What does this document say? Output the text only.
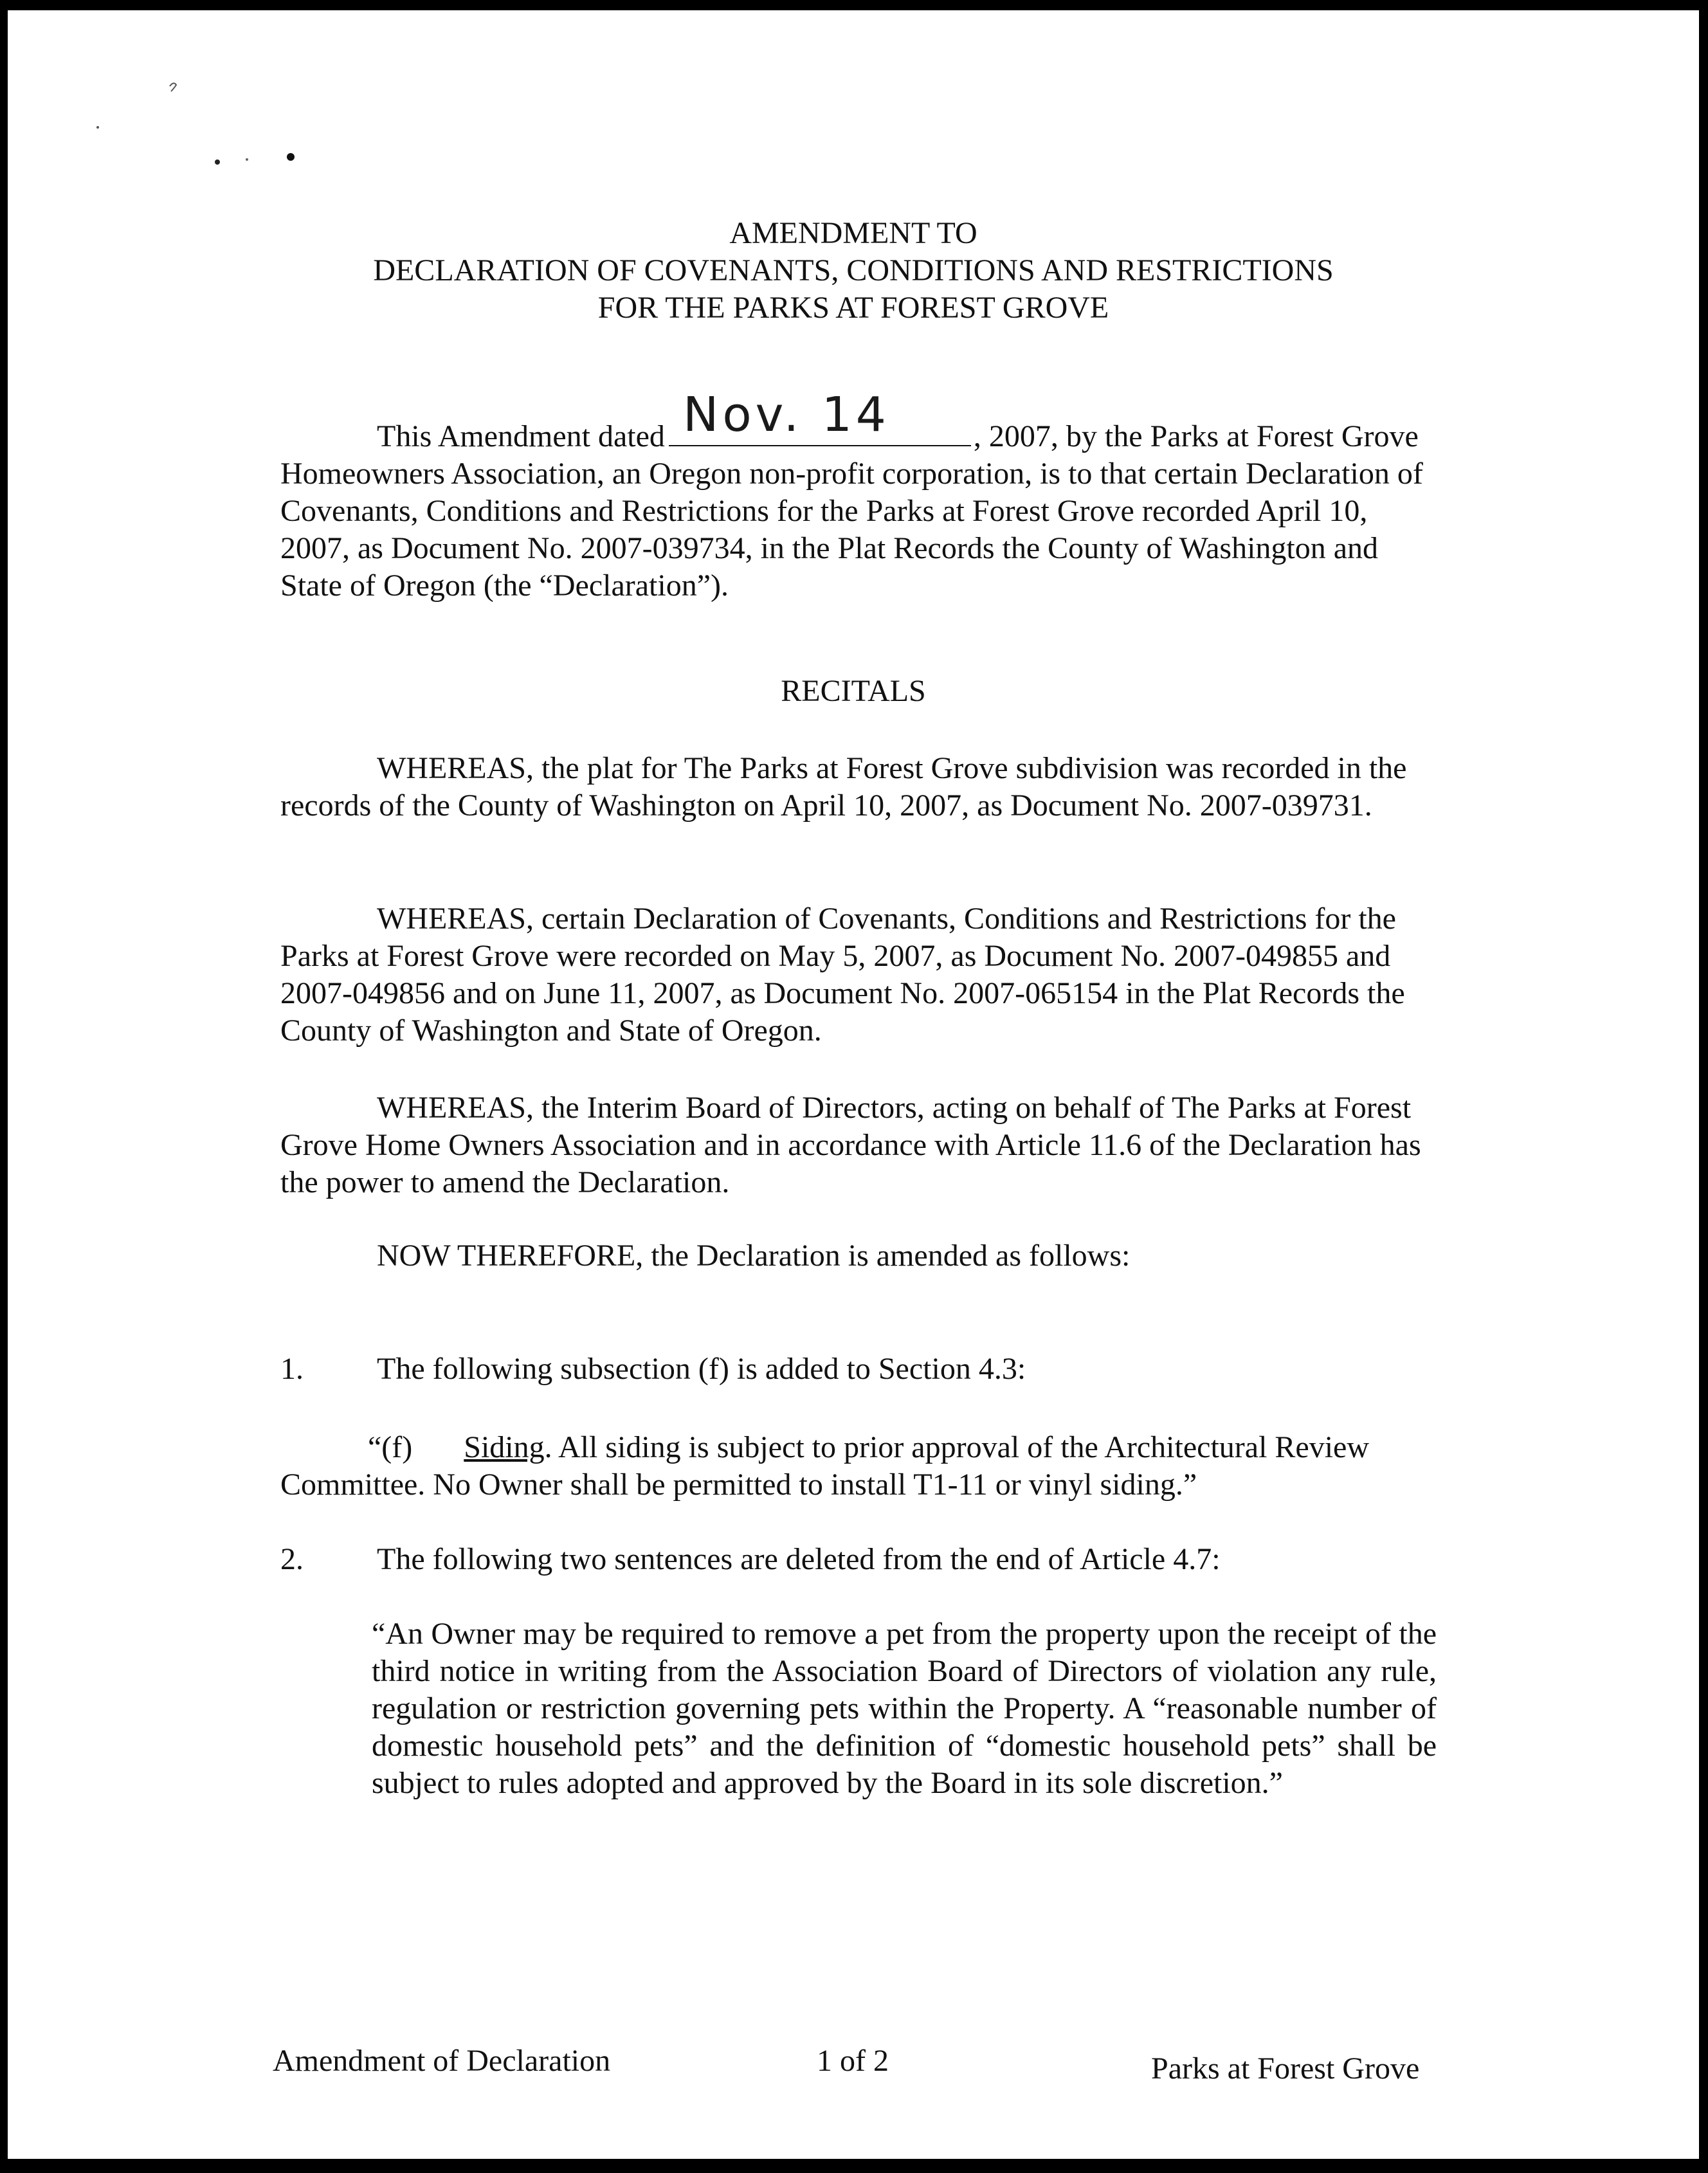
AMENDMENT TO
DECLARATION OF COVENANTS, CONDITIONS AND RESTRICTIONS
FOR THE PARKS AT FOREST GROVE
This Amendment dated Nov. 14	, 2007, by the Parks at Forest Grove Homeowners Association, an Oregon non-profit corporation, is to that certain Declaration of Covenants, Conditions and Restrictions for the Parks at Forest Grove recorded April 10, 2007, as Document No. 2007-039734, in the Plat Records the County of Washington and State of Oregon (the “Declaration”).
RECITALS
WHEREAS, the plat for The Parks at Forest Grove subdivision was recorded in the records of the County of Washington on April 10, 2007, as Document No. 2007-039731.
WHEREAS, certain Declaration of Covenants, Conditions and Restrictions for the Parks at Forest Grove were recorded on May 5, 2007, as Document No. 2007-049855 and 2007-049856 and on June 11, 2007, as Document No. 2007-065154 in the Plat Records the County of Washington and State of Oregon.
WHEREAS, the Interim Board of Directors, acting on behalf of The Parks at Forest Grove Home Owners Association and in accordance with Article 11.6 of the Declaration has the power to amend the Declaration.
NOW THEREFORE, the Declaration is amended as follows:
1. The following subsection (f) is added to Section 4.3:
“(f) Siding. All siding is subject to prior approval of the Architectural Review Committee. No Owner shall be permitted to install T1-11 or vinyl siding.”
2. The following two sentences are deleted from the end of Article 4.7:
“An Owner may be required to remove a pet from the property upon the receipt of the third notice in writing from the Association Board of Directors of violation any rule, regulation or restriction governing pets within the Property. A “reasonable number of domestic household pets” and the definition of “domestic household pets” shall be subject to rules adopted and approved by the Board in its sole discretion.”
Amendment of Declaration	1 of 2	Parks at Forest Grove
